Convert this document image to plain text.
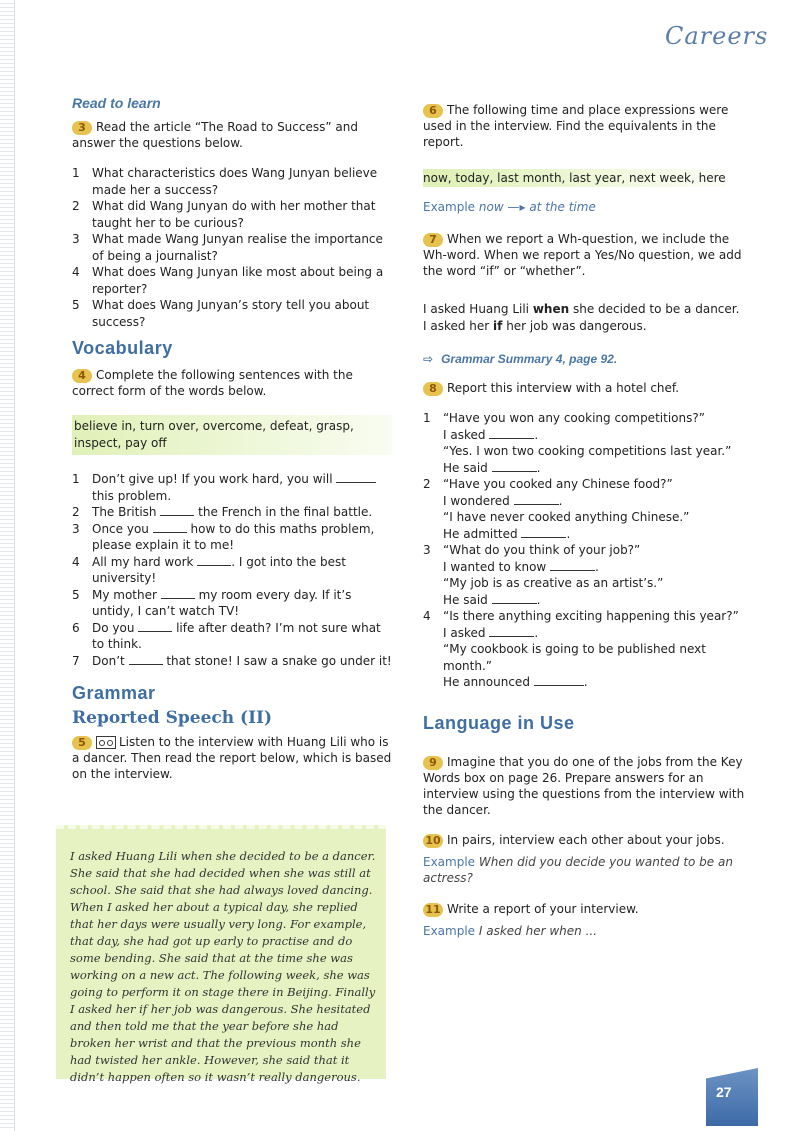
Careers
Read to learn

3 Read the article “The Road to Success” and answer the questions below.

1 What characteristics does Wang Junyan believe made her a success?
2 What did Wang Junyan do with her mother that taught her to be curious?
3 What made Wang Junyan realise the importance of being a journalist?
4 What does Wang Junyan like most about being a reporter?
5 What does Wang Junyan’s story tell you about success?
Vocabulary

4 Complete the following sentences with the correct form of the words below.

believe in, turn over, overcome, defeat, grasp, inspect, pay off
1 Don’t give up! If you work hard, you will  this problem.
2 The British	the French in the final battle.
3 Once you	how to do this maths problem, please explain it to me!
4 All my hard work	. I got into the best university!
5 My mother	my room every day. If it’s untidy, I can’t watch TV!
6 Do you	life after death? I’m not sure what to think.
7 Don’t	that stone! I saw a snake go under it!
Grammar
Reported Speech (II)

5	Listen to the interview with Huang Lili who is a dancer. Then read the report below, which is based on the interview.

I asked Huang Lili when she decided to be a dancer. She said that she had decided when she was still at school. She said that she had always loved dancing. When I asked her about a typical day, she replied that her days were usually very long. For example, that day, she had got up early to practise and do some bending. She said that at the time she was working on a new act. The following week, she was going to perform it on stage there in Beijing. Finally I asked her if her job was dangerous. She hesitated and then told me that the year before she had broken her wrist and that the previous month she had twisted her ankle. However, she said that it didn’t happen often so it wasn’t really dangerous.

6 The following time and place expressions were used in the interview. Find the equivalents in the report.

now, today, last month, last year, next week, here

Example now —▸ at the time

7 When we report a Wh-question, we include the Wh-word. When we report a Yes/No question, we add the word “if” or “whether”.

I asked Huang Lili when she decided to be a dancer.

I asked her if her job was dangerous.

⇨ Grammar Summary 4, page 92.

8 Report this interview with a hotel chef.

1 “Have you won any cooking competitions?”
I asked	.
“Yes. I won two cooking competitions last year.”
He said	.
2 “Have you cooked any Chinese food?”
I wondered	.
“I have never cooked anything Chinese.”
He admitted	.
3 “What do you think of your job?”
I wanted to know	.
“My job is as creative as an artist’s.”
He said	.
4 “Is there anything exciting happening this year?”
I asked	.
“My cookbook is going to be published next month.”
He announced	.
Language in Use

9 Imagine that you do one of the jobs from the Key Words box on page 26. Prepare answers for an interview using the questions from the interview with the dancer.

10 In pairs, interview each other about your jobs.

Example When did you decide you wanted to be an actress?

11 Write a report of your interview.

Example I asked her when ...

27
